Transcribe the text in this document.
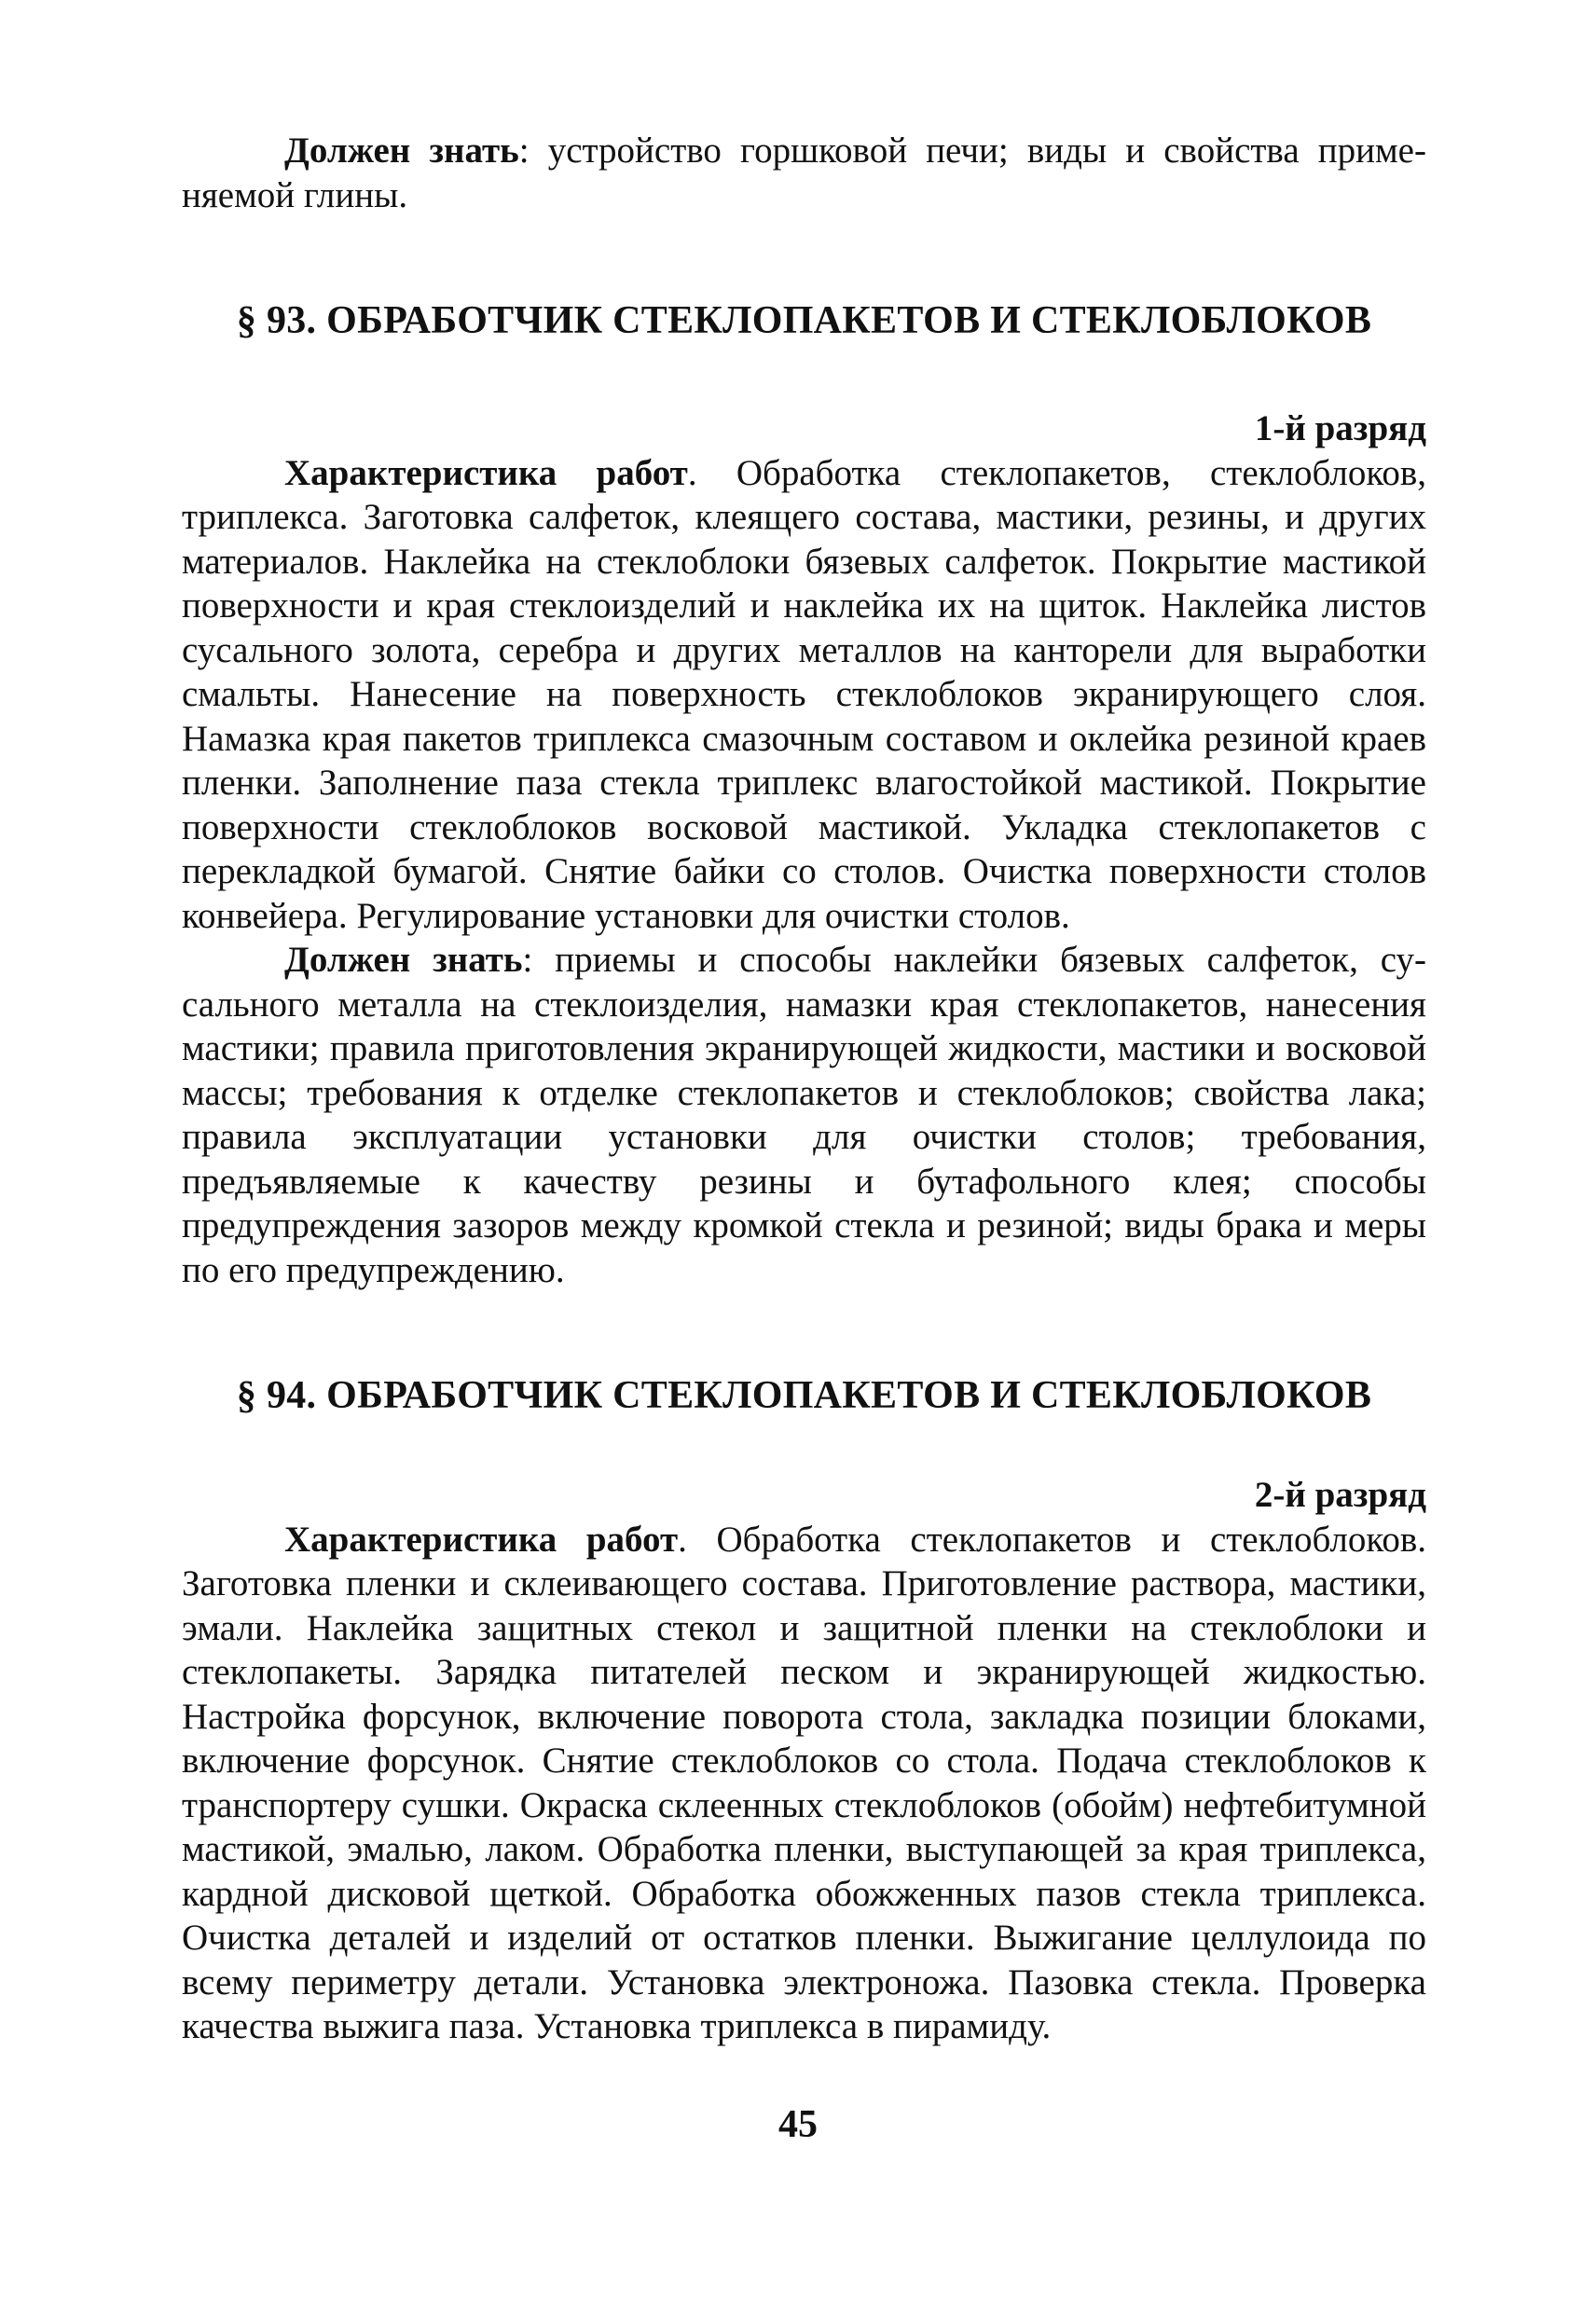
Должен знать: устройство горшковой печи; виды и свойства применяемой глины.

§ 93. ОБРАБОТЧИК СТЕКЛОПАКЕТОВ И СТЕКЛОБЛОКОВ
1-й разряд

Характеристика работ. Обработка стеклопакетов, стеклоблоков, триплекса. Заготовка салфеток, клеящего состава, мастики, резины, и других материалов. Наклейка на стеклоблоки бязевых салфеток. Покрытие мастикой поверхности и края стеклоизделий и наклейка их на щиток. Наклейка листов сусального золота, серебра и других металлов на канторели для выработки смальты. Нанесение на поверхность стеклоблоков экранирующего слоя. Намазка края пакетов триплекса смазочным составом и оклейка резиной краев пленки. Заполнение паза стекла триплекс влагостойкой мастикой. Покрытие поверхности стеклоблоков восковой мастикой. Укладка стеклопакетов с перекладкой бумагой. Снятие байки со столов. Очистка поверхности столов конвейера. Регулирование установки для очистки столов.

Должен знать: приемы и способы наклейки бязевых салфеток, сусального металла на стеклоизделия, намазки края стеклопакетов, нанесения мастики; правила приготовления экранирующей жидкости, мастики и восковой массы; требования к отделке стеклопакетов и стеклоблоков; свойства лака; правила эксплуатации установки для очистки столов; требования, предъявляемые к качеству резины и бутафольного клея; способы предупреждения зазоров между кромкой стекла и резиной; виды брака и меры по его предупреждению.

§ 94. ОБРАБОТЧИК СТЕКЛОПАКЕТОВ И СТЕКЛОБЛОКОВ
2-й разряд

Характеристика работ. Обработка стеклопакетов и стеклоблоков. Заготовка пленки и склеивающего состава. Приготовление раствора, мастики, эмали. Наклейка защитных стекол и защитной пленки на стеклоблоки и стеклопакеты. Зарядка питателей песком и экранирующей жидкостью. Настройка форсунок, включение поворота стола, закладка позиции блоками, включение форсунок. Снятие стеклоблоков со стола. Подача стеклоблоков к транспортеру сушки. Окраска склеенных стеклоблоков (обойм) нефтебитумной мастикой, эмалью, лаком. Обработка пленки, выступающей за края триплекса, кардной дисковой щеткой. Обработка обожженных пазов стекла триплекса. Очистка деталей и изделий от остатков пленки. Выжигание целлулоида по всему периметру детали. Установка электроножа. Пазовка стекла. Проверка качества выжига паза. Установка триплекса в пирамиду.

45
